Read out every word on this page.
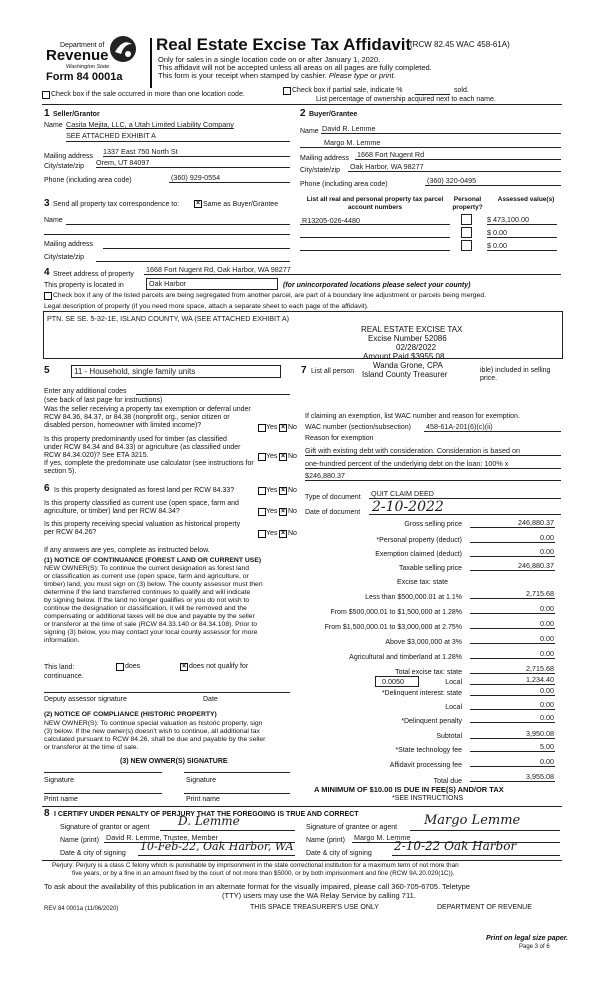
Department of
Revenue
Washington State
Form 84 0001a
Real Estate Excise Tax Affidavit
(RCW 82.45 WAC 458-61A)
Only for sales in a single location code on or after January 1, 2020.
This affidavit will not be accepted unless all areas on all pages are fully completed.
This form is your receipt when stamped by cashier. Please type or print.
Check box if the sale occurred in more than one location code.
Check box if partial sale, indicate %	sold.
List percentage of ownership acquired next to each name.
1 Seller/Grantor
Name Casita Mejita, LLC, a Utah Limited Liability Company
SEE ATTACHED EXHIBIT A
Mailing address
1337 East 750 North St
City/state/zip Orem, UT 84097
Phone (including area code)	(360) 929-0554
2 Buyer/Grantee
Name David R. Lemme
Margo M. Lemme
Mailing address 1668 Fort Nugent Rd
City/state/zip Oak Harbor, WA 98277
Phone (including area code)	(360) 320-0495
3 Send all property tax correspondence to: × Same as Buyer/Grantee
Name
Mailing address
City/state/zip
List all real and personal property tax parcel account numbers
Personal property?
Assessed value(s)
R13205-026-4480	$ 473,100.00
$ 0.00
$ 0.00
4 Street address of property
1668 Fort Nugent Rd, Oak Harbor, WA 98277
This property is located in	Oak Harbor	(for unincorporated locations please select your county)
Check box if any of the listed parcels are being segregated from another parcel, are part of a boundary line adjustment or parcels being merged.
Legal description of property (if you need more space, attach a separate sheet to each page of the affidavit).
PTN. SE SE. 5-32-1E, ISLAND COUNTY, WA (SEE ATTACHED EXHIBIT A)
REAL ESTATE EXCISE TAX
Excise Number 52086
02/28/2022
Amount Paid $3955.08
Wanda Grone, CPA
Island County Treasurer
5	11 - Household, single family units
Enter any additional codes
(see back of last page for instructions)
Was the seller receiving a property tax exemption or deferral under RCW 84.36, 84.37, or 84.38 (nonprofit org., senior citizen or disabled person, homeowner with limited income)?	Yes × No
Is this property predominantly used for timber (as classified under RCW 84.34 and 84.33) or agriculture (as classified under RCW 84.34.020)? See ETA 3215.	Yes × No
If yes, complete the predominate use calculator (see instructions for section 5).
7 List all person	ible) included in selling price.
If claiming an exemption, list WAC number and reason for exemption.
WAC number (section/subsection) 458-61A-201(6)(c)(ii)
Reason for exemption
Gift with existing debt with consideration. Consideration is based on
one-hundred percent of the underlying debt on the loan: 100% x
$246,880.37
6 Is this property designated as forest land per RCW 84.33?	Yes × No
Is this property classified as current use (open space, farm and agriculture, or timber) land per RCW 84.34?	Yes × No
Is this property receiving special valuation as historical property per RCW 84.26?	Yes × No
If any answers are yes, complete as instructed below.
(1) NOTICE OF CONTINUANCE (FOREST LAND OR CURRENT USE)
NEW OWNER(S): To continue the current designation as forest land
or classification as current use (open space, farm and agriculture, or
timber) land, you must sign on (3) below. The county assessor must then
determine if the land transferred continues to qualify and will indicate
by signing below. If the land no longer qualifies or you do not wish to
continue the designation or classification, it will be removed and the
compensating or additional taxes will be due and payable by the seller
or transferor at the time of sale (RCW 84.33.140 or 84.34.108). Prior to
signing (3) below, you may contact your local county assessor for more
information.
This land:
continuance.
does	× does not qualify for
Deputy assessor signature	Date
(2) NOTICE OF COMPLIANCE (HISTORIC PROPERTY)
NEW OWNER(S): To continue special valuation as historic property, sign
(3) below. If the new owner(s) doesn't wish to continue, all additional tax
calculated pursuant to RCW 84.26, shall be due and payable by the seller
or transferor at the time of sale.
(3) NEW OWNER(S) SIGNATURE
Signature	Signature
Print name	Print name
Type of document QUIT CLAIM DEED
Date of document 2-10-2022
Gross selling price	246,880.37
*Personal property (deduct)	0.00
Exemption claimed (deduct)	0.00
Taxable selling price	246,880.37
Excise tax: state
Less than $500,000.01 at 1.1%	2,715.68
From $500,000.01 to $1,500,000 at 1.28%	0.00
From $1,500,000.01 to $3,000,000 at 2.75%	0.00
Above $3,000,000 at 3%	0.00
Agricultural and timberland at 1.28%	0.00
Total excise tax: state	2,715.68
0.0050	Local	1,234.40
*Delinquent interest: state	0.00
Local	0.00
*Delinquent penalty	0.00
Subtotal	3,950.08
*State technology fee	5.00
Affidavit processing fee	0.00
Total due
3,955.08
A MINIMUM OF $10.00 IS DUE IN FEE(S) AND/OR TAX
*SEE INSTRUCTIONS
8 I CERTIFY UNDER PENALTY OF PERJURY THAT THE FOREGOING IS TRUE AND CORRECT
Signature of grantor or agent D. Lemme
Name (print) David R. Lemme, Trustee, Member
Date & city of signing
10-Feb-22, Oak Harbor, WA
Signature of grantee or agent Margo Lemme
Name (print) Margo M. Lemme
Date & city of signing
2-10-22 Oak Harbor
Perjury: Perjury is a class C felony which is punishable by imprisonment in the state correctional institution for a maximum term of not more than
five years, or by a fine in an amount fixed by the court of not more than $5000, or by both imprisonment and fine (RCW 9A.20.020(1C)).
To ask about the availability of this publication in an alternate format for the visually impaired, please call 360-705-6705. Teletype
(TTY) users may use the WA Relay Service by calling 711.
REV 84 0001a (11/06/2020)	THIS SPACE TREASURER'S USE ONLY	DEPARTMENT OF REVENUE
Print on legal size paper.
Page 3 of 6
